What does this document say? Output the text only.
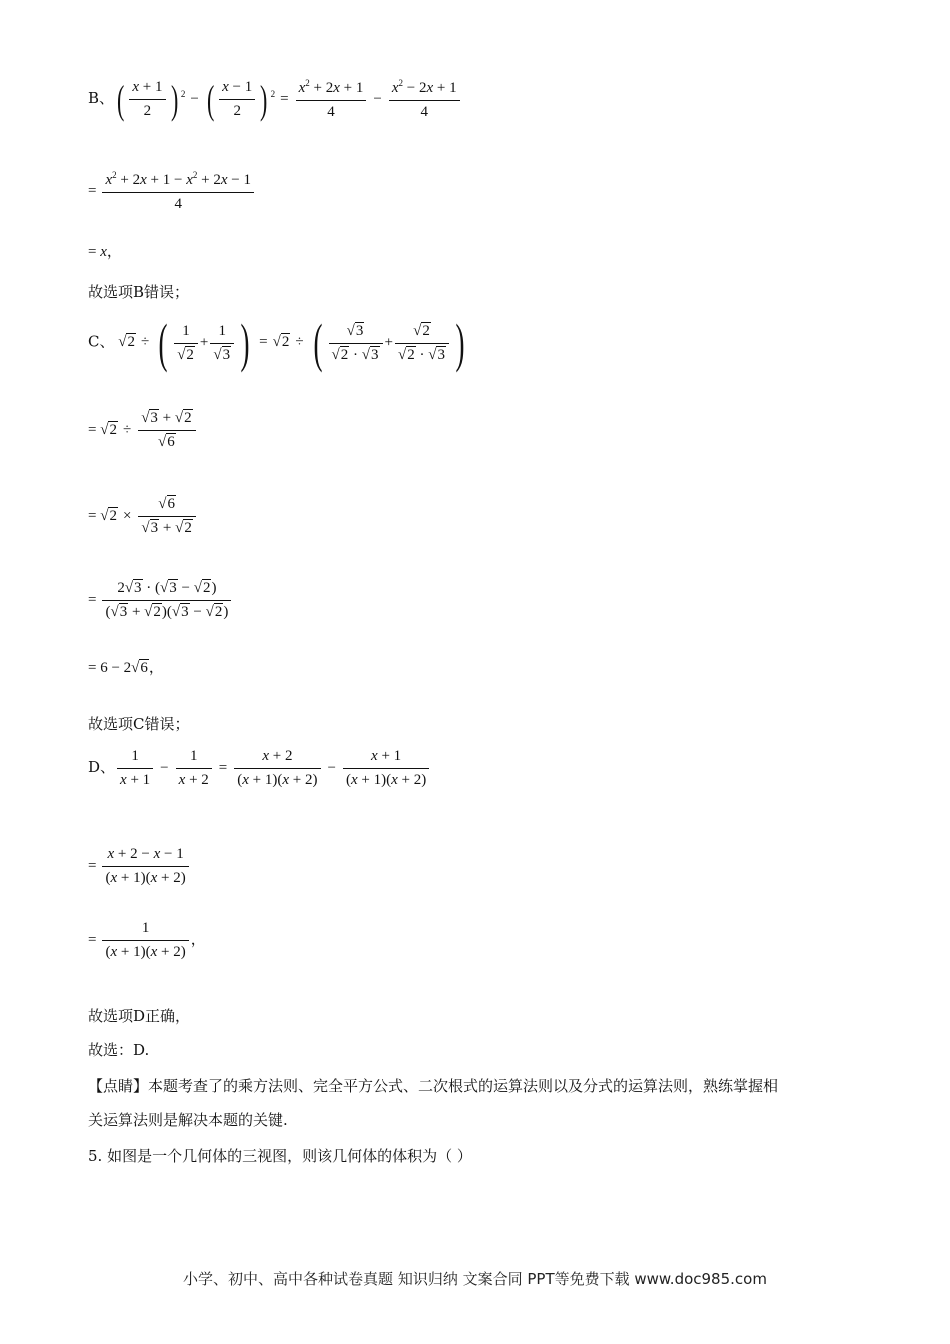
B、( $\frac{x + 1}{2}$ ) $^2$ − ( $\frac{x - 1}{2}$ ) $^2 = \frac{x^2 + 2x + 1}{4} - \frac{x^2 - 2x + 1}{4}$
= $\frac{x^2 + 2x + 1 - x^2 + 2x - 1}{4}$
= x，
故选项B错误；
C、 √2 ÷ ( $\frac{1}{√2} + \frac{1}{√3}$ ) = √2 ÷ ( $\frac{√3}{√2 \cdot √3} + \frac{√2}{√2 \cdot √3}$ )
= $√2 \div \frac{√3 + √2}{√6}$
= $√2 \times \frac{√6}{√3 + √2}$
= $\frac{2√3 \cdot (√3 - √2)}{(√3 + √2)(√3 - √2)}$
= 6 − 2√6，
故选项C错误；
D、 $\frac{1}{x + 1} - \frac{1}{x + 2} = \frac{x + 2}{(x + 1)(x + 2)} - \frac{x + 1}{(x + 1)(x + 2)}$
= $\frac{x + 2 - x - 1}{(x + 1)(x + 2)}$
= $\frac{1}{(x + 1)(x + 2)}$ ，
故选项D正确，
故选：D.
【点睛】本题考查了的乘方法则、完全平方公式、二次根式的运算法则以及分式的运算法则，熟练掌握相
关运算法则是解决本题的关键.
5. 如图是一个几何体的三视图，则该几何体的体积为（ ）
小学、初中、高中各种试卷真题 知识归纳 文案合同 PPT等免费下载 www.doc985.com
